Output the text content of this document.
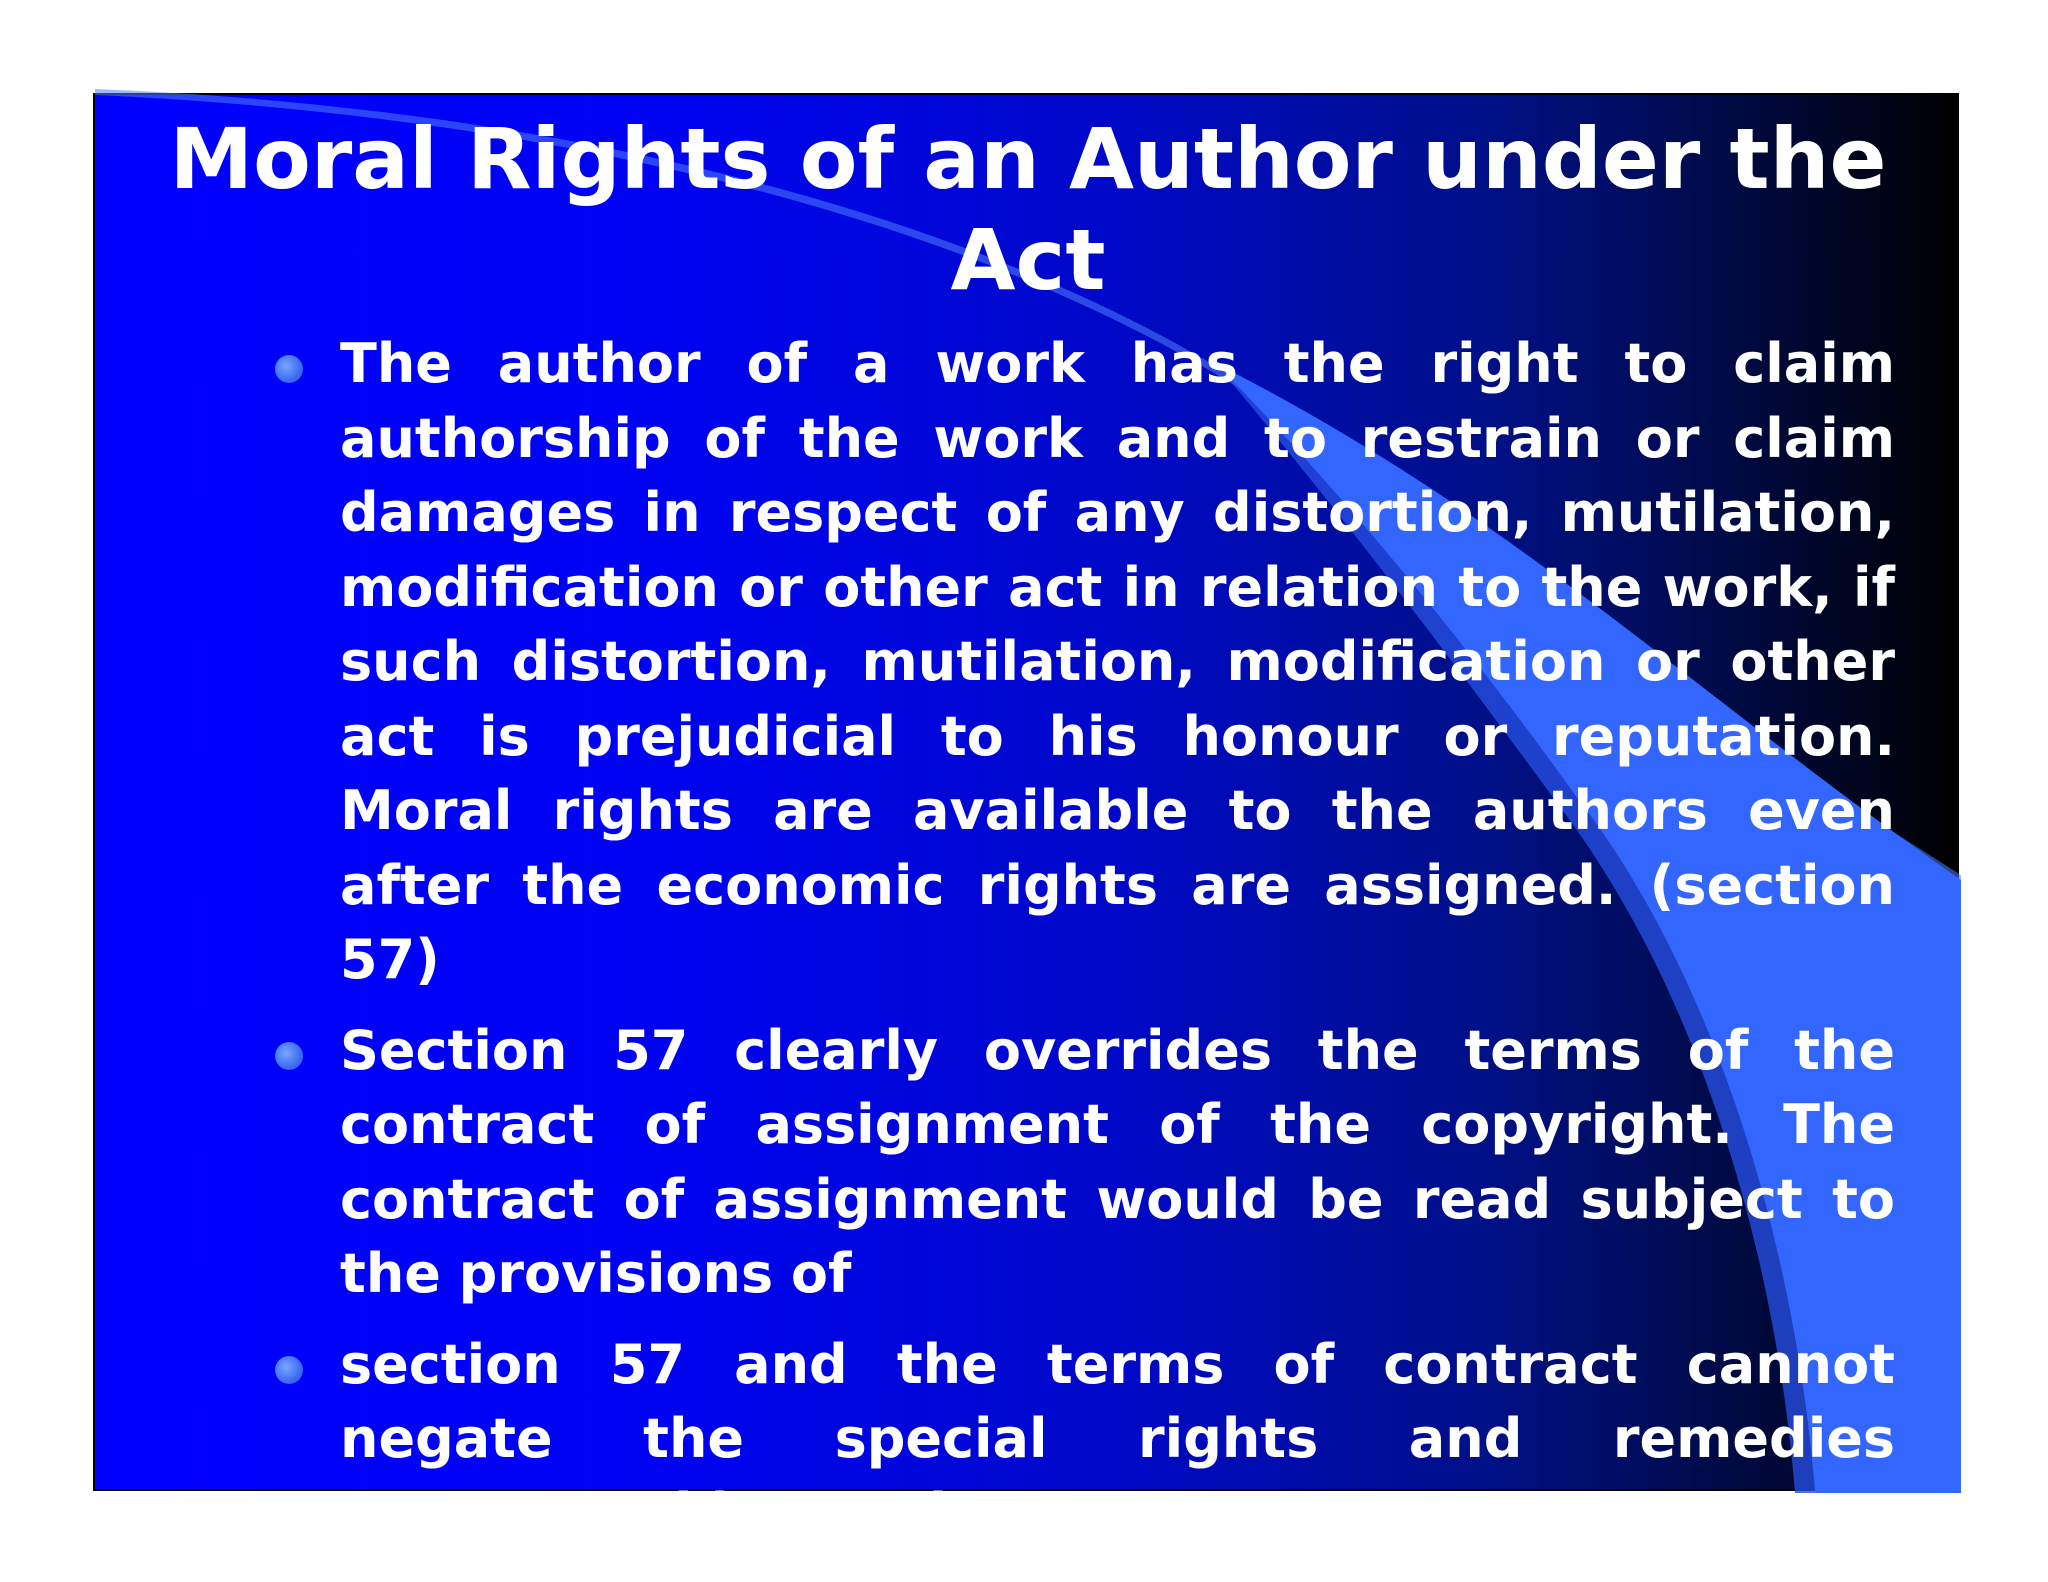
Moral Rights of an Author under the Act
The author of a work has the right to claim authorship of the work and to restrain or claim damages in respect of any distortion, mutilation, modification or other act in relation to the work, if such distortion, mutilation, modification or other act is prejudicial to his honour or reputation. Moral rights are available to the authors even after the economic rights are assigned. (section 57)
Section 57 clearly overrides the terms of the contract of assignment of the copyright. The contract of assignment would be read subject to the provisions of
section 57 and the terms of contract cannot negate the special rights and remedies guaranteed by section 57.
